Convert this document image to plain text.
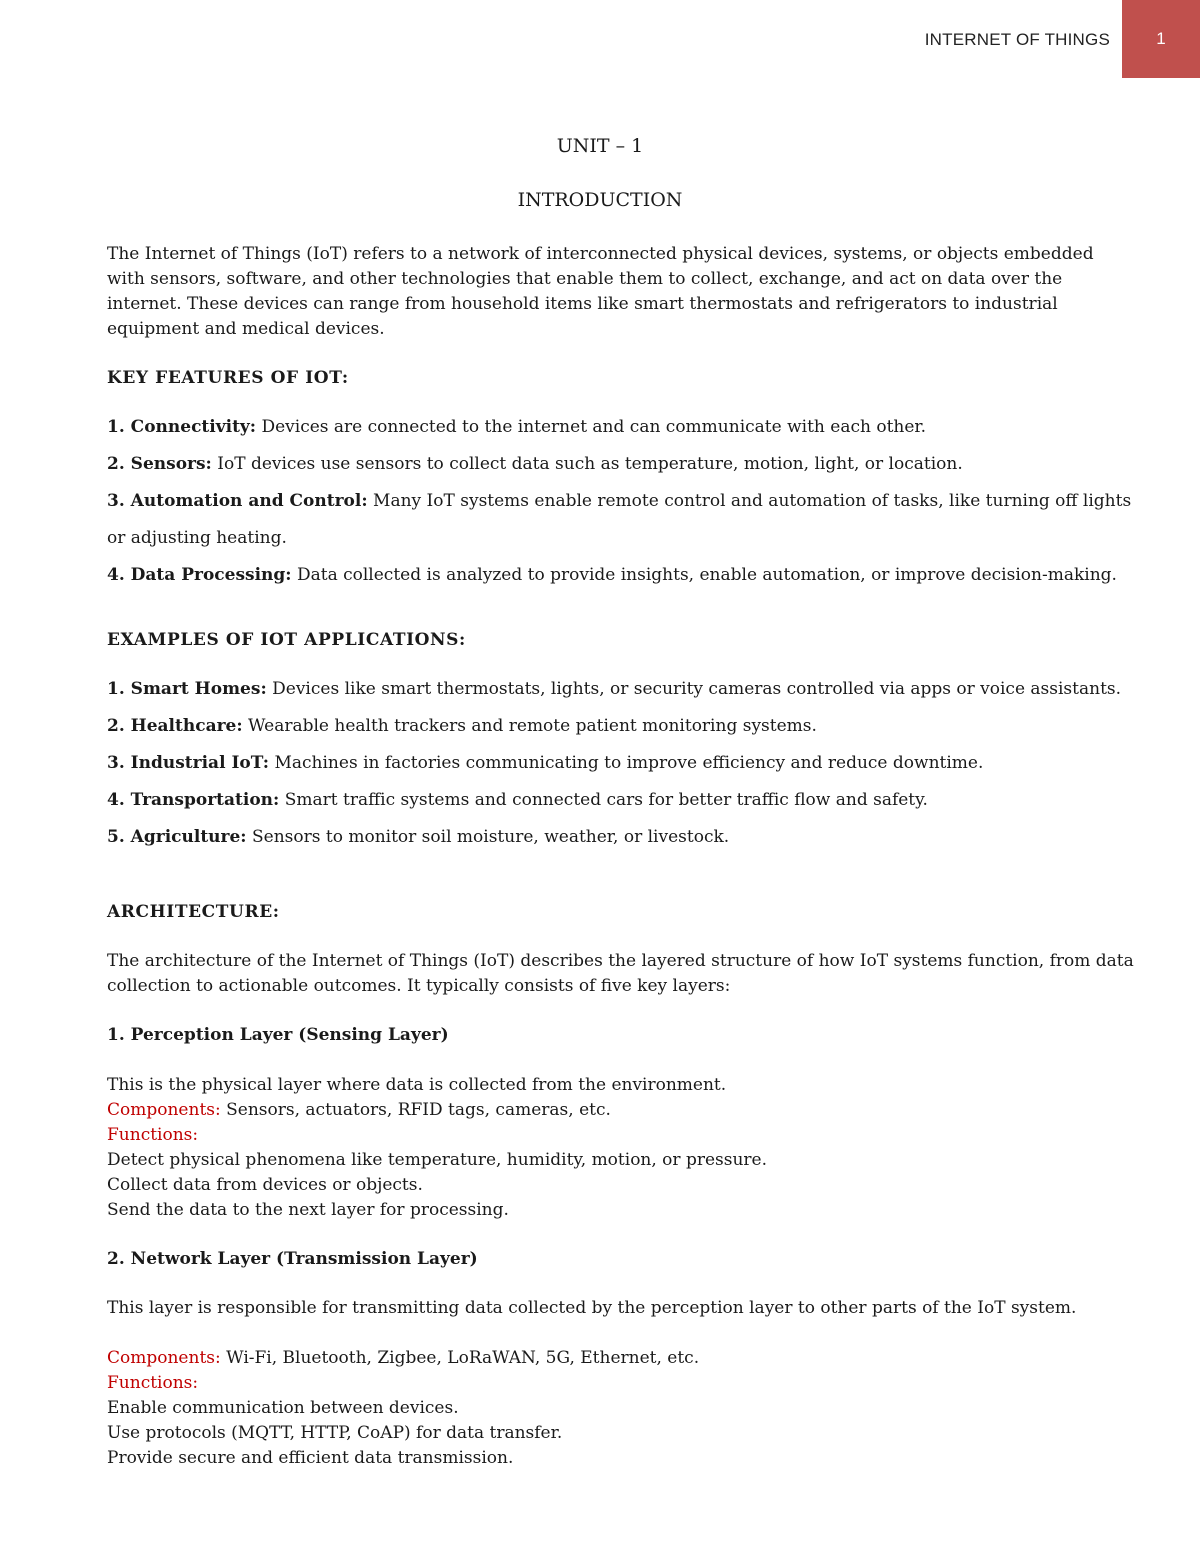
INTERNET OF THINGS	1
UNIT – 1
INTRODUCTION

The Internet of Things (IoT) refers to a network of interconnected physical devices, systems, or objects embedded with sensors, software, and other technologies that enable them to collect, exchange, and act on data over the internet. These devices can range from household items like smart thermostats and refrigerators to industrial equipment and medical devices.

KEY FEATURES OF IOT:
1. Connectivity: Devices are connected to the internet and can communicate with each other.
2. Sensors: IoT devices use sensors to collect data such as temperature, motion, light, or location.
3. Automation and Control: Many IoT systems enable remote control and automation of tasks, like turning off lights or adjusting heating.
4. Data Processing: Data collected is analyzed to provide insights, enable automation, or improve decision-making.
EXAMPLES OF IOT APPLICATIONS:
1. Smart Homes: Devices like smart thermostats, lights, or security cameras controlled via apps or voice assistants.
2. Healthcare: Wearable health trackers and remote patient monitoring systems.
3. Industrial IoT: Machines in factories communicating to improve efficiency and reduce downtime.
4. Transportation: Smart traffic systems and connected cars for better traffic flow and safety.
5. Agriculture: Sensors to monitor soil moisture, weather, or livestock.
ARCHITECTURE:

The architecture of the Internet of Things (IoT) describes the layered structure of how IoT systems function, from data collection to actionable outcomes. It typically consists of five key layers:

1. Perception Layer (Sensing Layer)
This is the physical layer where data is collected from the environment.
Components: Sensors, actuators, RFID tags, cameras, etc.
Functions:
Detect physical phenomena like temperature, humidity, motion, or pressure.
Collect data from devices or objects.
Send the data to the next layer for processing.
2. Network Layer (Transmission Layer)
This layer is responsible for transmitting data collected by the perception layer to other parts of the IoT system.
Components: Wi-Fi, Bluetooth, Zigbee, LoRaWAN, 5G, Ethernet, etc.
Functions:
Enable communication between devices.
Use protocols (MQTT, HTTP, CoAP) for data transfer.
Provide secure and efficient data transmission.
